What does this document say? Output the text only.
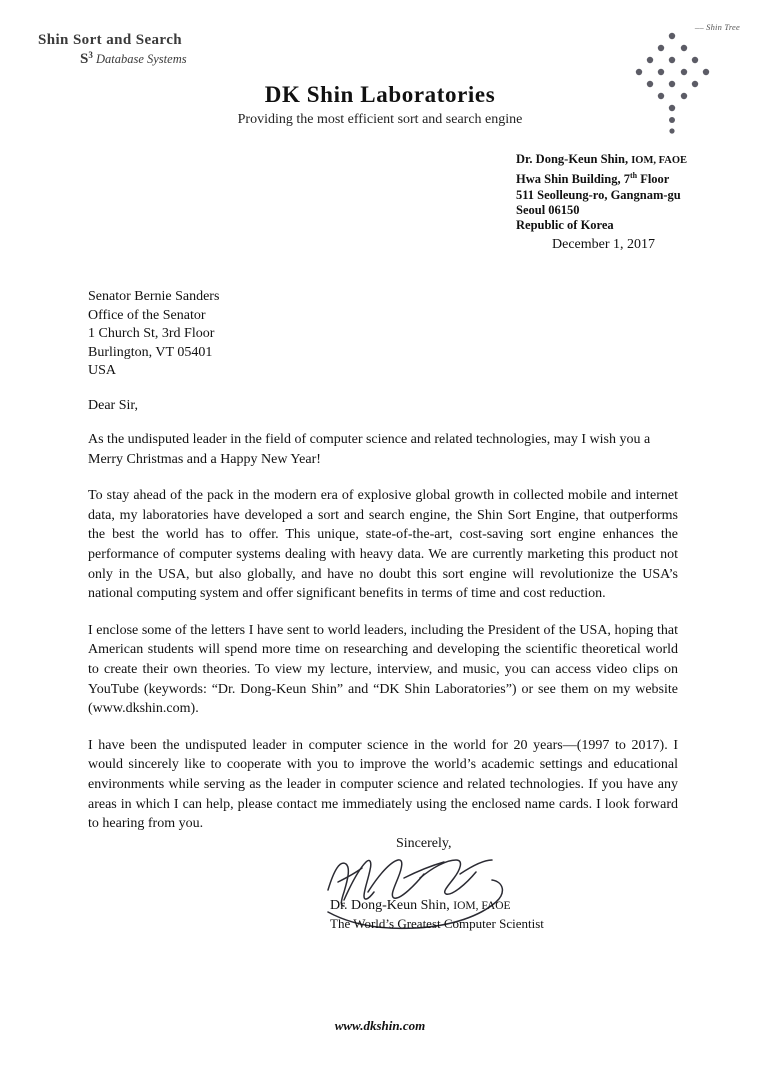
Shin Sort and Search
$S^3$ Database Systems
–– Shin Tree
DK Shin Laboratories
Providing the most efficient sort and search engine
Dr. Dong-Keun Shin, IOM, FAOE
Hwa Shin Building, 7th Floor
511 Seolleung-ro, Gangnam-gu
Seoul 06150
Republic of Korea
December 1, 2017
Senator Bernie Sanders
Office of the Senator
1 Church St, 3rd Floor
Burlington, VT 05401
USA
Dear Sir,

As the undisputed leader in the field of computer science and related technologies, may I wish you a Merry Christmas and a Happy New Year!

To stay ahead of the pack in the modern era of explosive global growth in collected mobile and internet data, my laboratories have developed a sort and search engine, the Shin Sort Engine, that outperforms the best the world has to offer. This unique, state-of-the-art, cost-saving sort engine enhances the performance of computer systems dealing with heavy data. We are currently marketing this product not only in the USA, but also globally, and have no doubt this sort engine will revolutionize the USA’s national computing system and offer significant benefits in terms of time and cost reduction.

I enclose some of the letters I have sent to world leaders, including the President of the USA, hoping that American students will spend more time on researching and developing the scientific theoretical world to create their own theories. To view my lecture, interview, and music, you can access video clips on YouTube (keywords: “Dr. Dong-Keun Shin” and “DK Shin Laboratories”) or see them on my website (www.dkshin.com).

I have been the undisputed leader in computer science in the world for 20 years—(1997 to 2017). I would sincerely like to cooperate with you to improve the world’s academic settings and educational environments while serving as the leader in computer science and related technologies. If you have any areas in which I can help, please contact me immediately using the enclosed name cards. I look forward to hearing from you.

Sincerely,
Dr. Dong-Keun Shin, IOM, FAOE
The World’s Greatest Computer Scientist
www.dkshin.com
